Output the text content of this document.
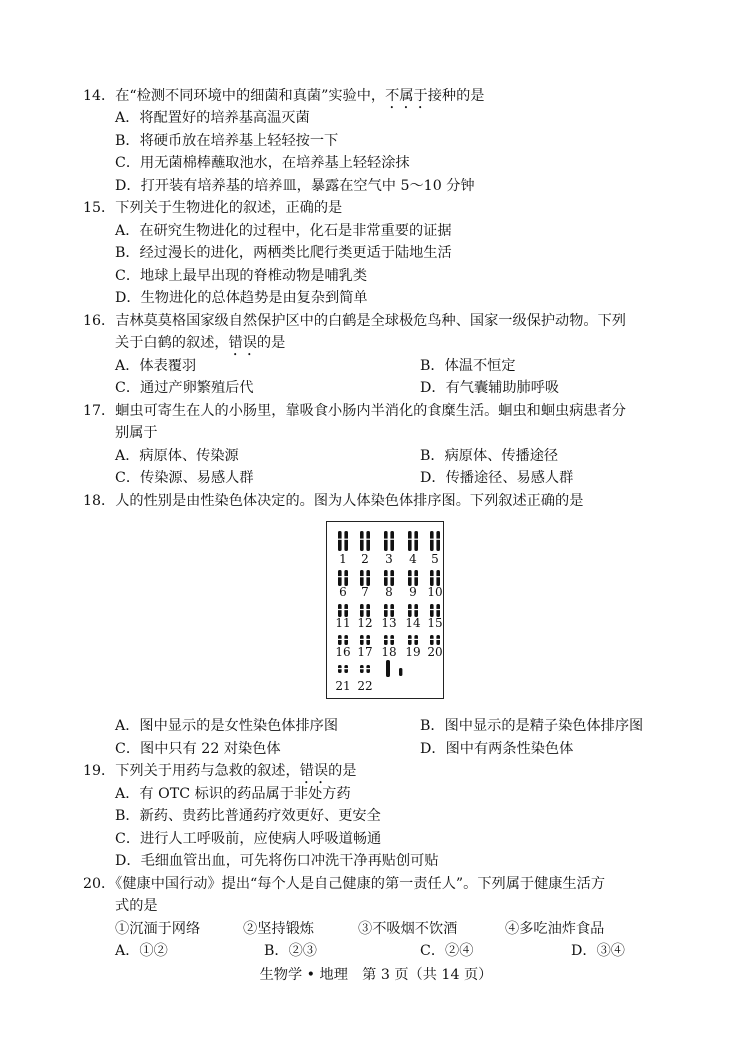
14．在“检测不同环境中的细菌和真菌”实验中，不属于接种的是
A．将配置好的培养基高温灭菌
B．将硬币放在培养基上轻轻按一下
C．用无菌棉棒蘸取池水，在培养基上轻轻涂抹
D．打开装有培养基的培养皿，暴露在空气中 5～10 分钟
15．下列关于生物进化的叙述，正确的是
A．在研究生物进化的过程中，化石是非常重要的证据
B．经过漫长的进化，两栖类比爬行类更适于陆地生活
C．地球上最早出现的脊椎动物是哺乳类
D．生物进化的总体趋势是由复杂到简单
16．吉林莫莫格国家级自然保护区中的白鹤是全球极危鸟种、国家一级保护动物。下列
关于白鹤的叙述，错误的是
A．体表覆羽	B．体温不恒定
C．通过产卵繁殖后代	D．有气囊辅助肺呼吸
17．蛔虫可寄生在人的小肠里，靠吸食小肠内半消化的食糜生活。蛔虫和蛔虫病患者分
别属于
A．病原体、传染源	B．病原体、传播途径
C．传染源、易感人群	D．传播途径、易感人群
18．人的性别是由性染色体决定的。图为人体染色体排序图。下列叙述正确的是
1 2 3 4 5
6 7 8 9 10
11 12 13 14 15
16 17 18 19 20
21 22
A．图中显示的是女性染色体排序图	B．图中显示的是精子染色体排序图
C．图中只有 22 对染色体	D．图中有两条性染色体
19．下列关于用药与急救的叙述，错误的是
A．有 OTC 标识的药品属于非处方药
B．新药、贵药比普通药疗效更好、更安全
C．进行人工呼吸前，应使病人呼吸道畅通
D．毛细血管出血，可先将伤口冲洗干净再贴创可贴
20．《健康中国行动》提出“每个人是自己健康的第一责任人”。下列属于健康生活方
式的是
①沉湎于网络	②坚持锻炼	③不吸烟不饮酒	④多吃油炸食品
A．①②	B．②③	C．②④	D．③④
生物学 • 地理　第 3 页（共 14 页）
